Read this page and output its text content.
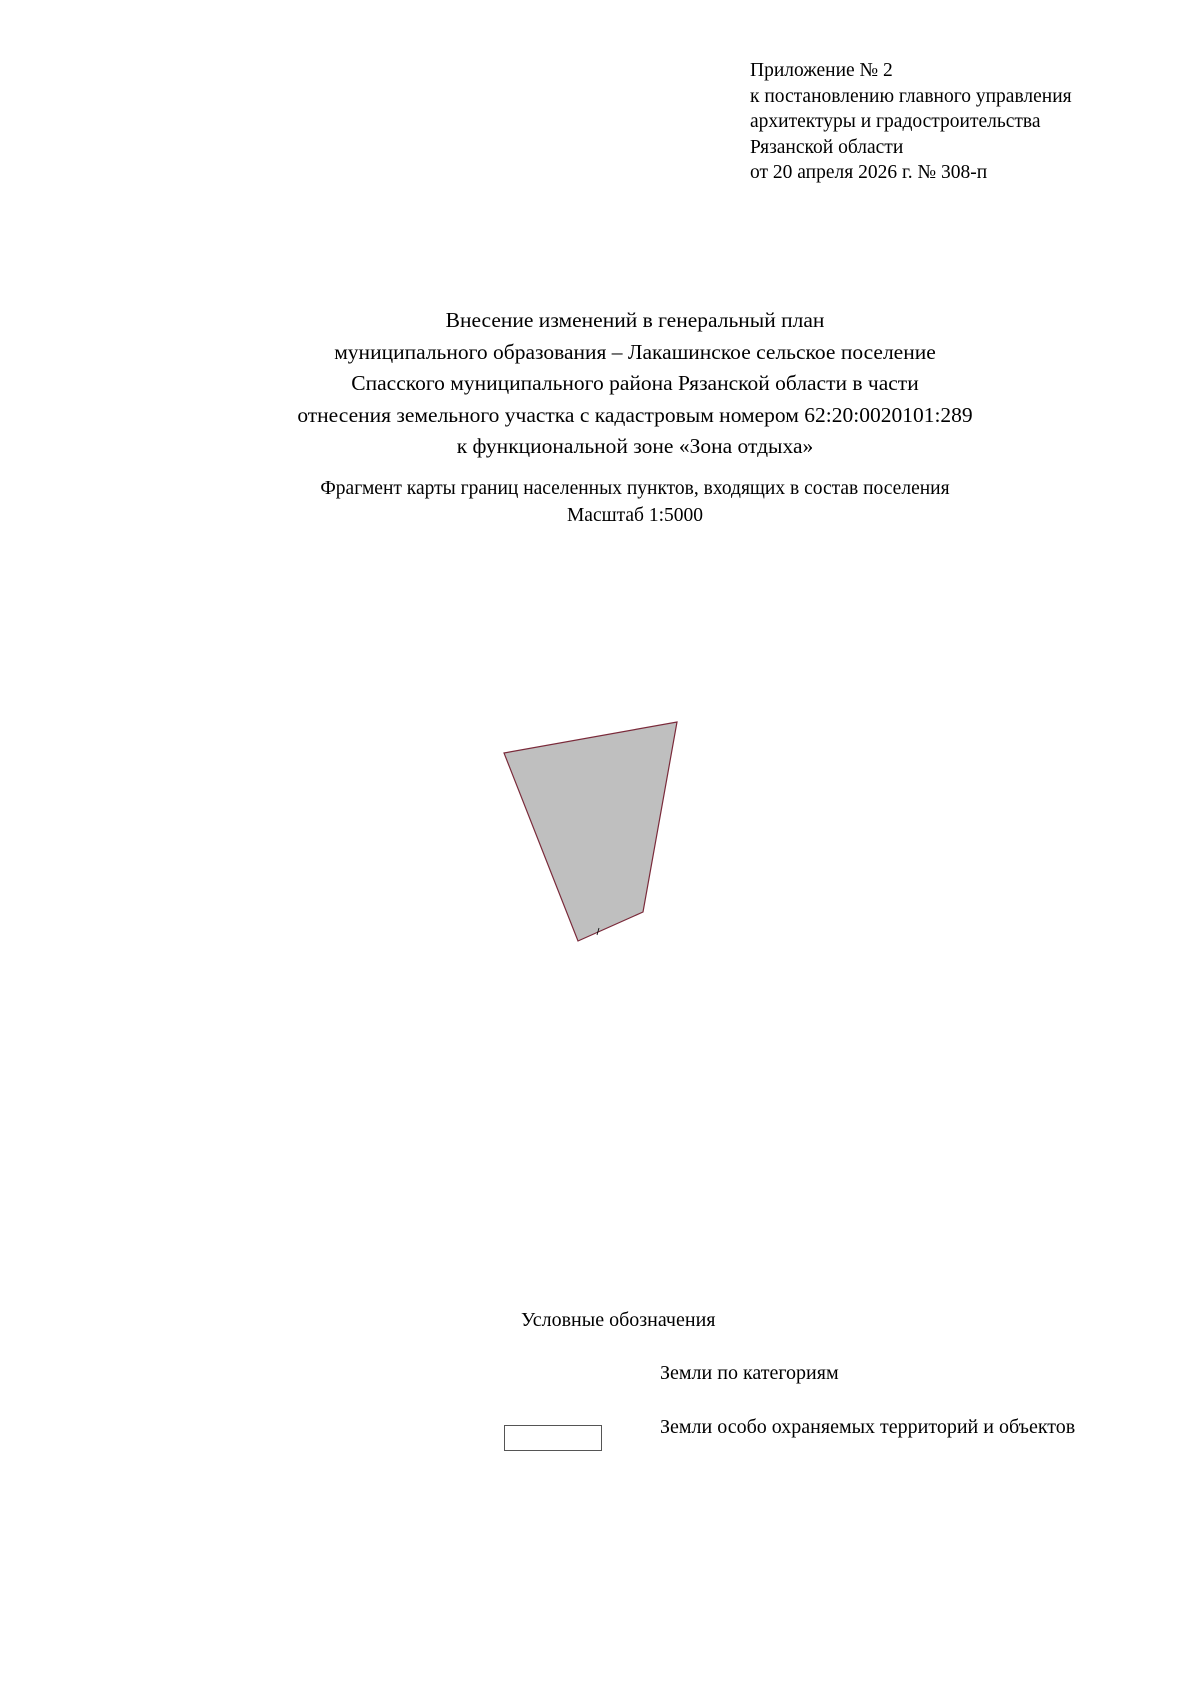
Приложение № 2
к постановлению главного управления
архитектуры и градостроительства
Рязанской области
от 20 апреля 2026 г. № 308-п
Внесение изменений в генеральный план
муниципального образования – Лакашинское сельское поселение
Спасского муниципального района Рязанской области в части
отнесения земельного участка с кадастровым номером 62:20:0020101:289
к функциональной зоне «Зона отдыха»
Фрагмент карты границ населенных пунктов, входящих в состав поселения
Масштаб 1:5000
Условные обозначения
Земли по категориям
Земли особо охраняемых территорий и объектов
